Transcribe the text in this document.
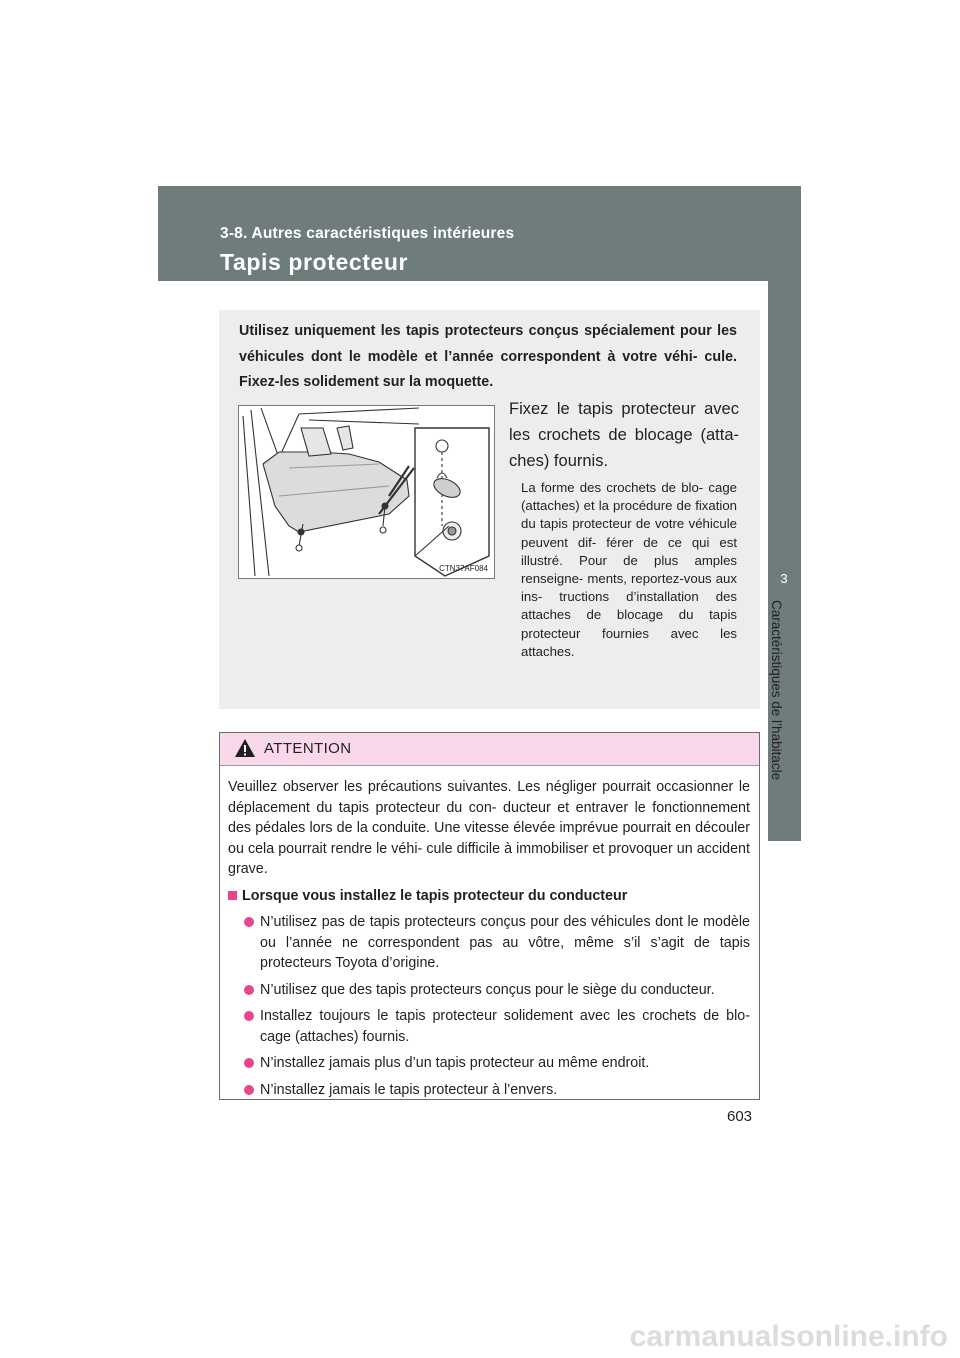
3-8. Autres caractéristiques intérieures
Tapis protecteur
3
Caractéristiques de l’habitacle
Utilisez uniquement les tapis protecteurs conçus spécialement pour les véhicules dont le modèle et l’année correspondent à votre véhi- cule. Fixez-les solidement sur la moquette.
CTN37AF084
Fixez le tapis protecteur avec les crochets de blocage (atta- ches) fournis.
La forme des crochets de blo- cage (attaches) et la procédure de fixation du tapis protecteur de votre véhicule peuvent dif- férer de ce qui est illustré. Pour de plus amples renseigne- ments, reportez-vous aux ins- tructions d’installation des attaches de blocage du tapis protecteur fournies avec les attaches.
ATTENTION

Veuillez observer les précautions suivantes. Les négliger pourrait occasionner le déplacement du tapis protecteur du con- ducteur et entraver le fonctionnement des pédales lors de la conduite. Une vitesse élevée imprévue pourrait en découler ou cela pourrait rendre le véhi- cule difficile à immobiliser et provoquer un accident grave.

Lorsque vous installez le tapis protecteur du conducteur
N’utilisez pas de tapis protecteurs conçus pour des véhicules dont le modèle ou l’année ne correspondent pas au vôtre, même s’il s’agit de tapis protecteurs Toyota d’origine.
N’utilisez que des tapis protecteurs conçus pour le siège du conducteur.
Installez toujours le tapis protecteur solidement avec les crochets de blo- cage (attaches) fournis.
N’installez jamais plus d’un tapis protecteur au même endroit.
N’installez jamais le tapis protecteur à l’envers.
603
carmanualsonline.info
